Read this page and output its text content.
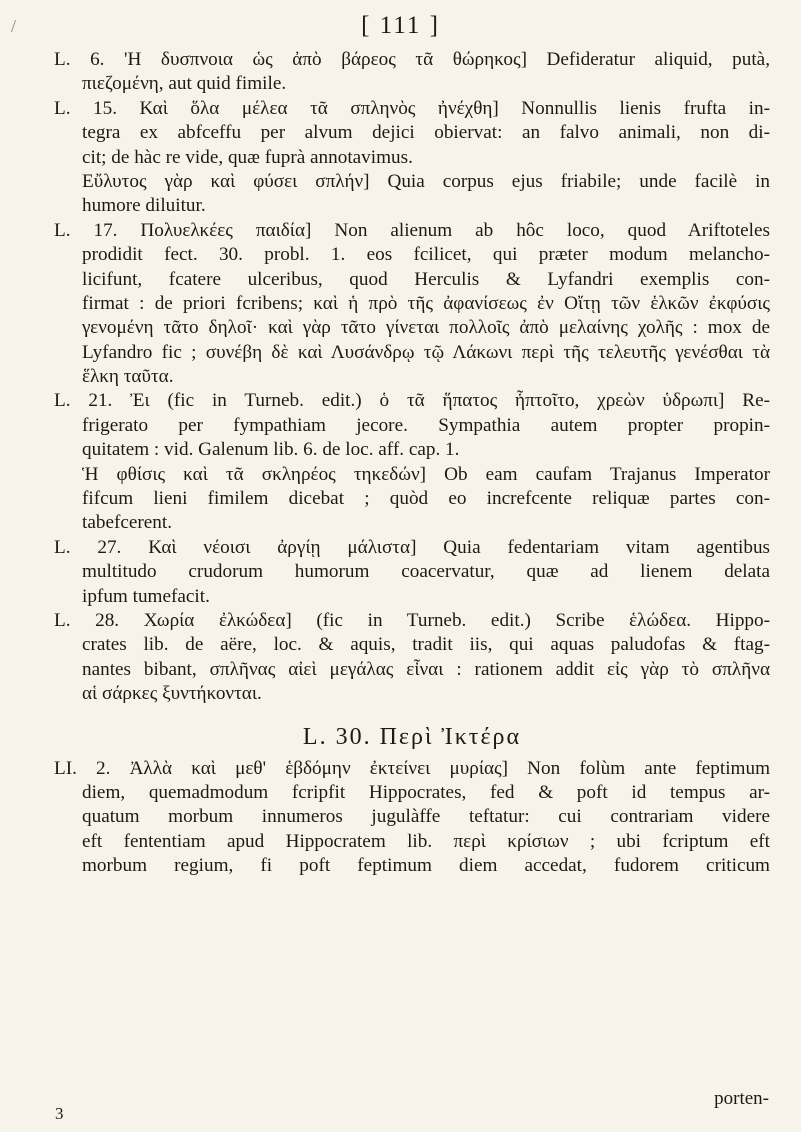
/	[ 111 ]
L. 6. 'H δυσπνοια ὡς ἀπὸ βάρεος τᾶ θώρηκος] Defideratur aliquid, putà,
πιεζομένη, aut quid fimile.
L. 15. Καὶ ὅλα μέλεα τᾶ σπληνὸς ἠνέχθη] Nonnullis lienis frufta in-
tegra ex abfceffu per alvum dejici obiervat: an falvo animali, non di-
cit; de hàc re vide, quæ fuprà annotavimus.
Εὔλυτος γὰρ καὶ φύσει σπλήν] Quia corpus ejus friabile; unde facilè in
humore diluitur.
L. 17. Πολυελκέες παιδία] Non alienum ab hôc loco, quod Ariftoteles
prodidit fect. 30. probl. 1. eos fcilicet, qui præter modum melancho-
licifunt, fcatere ulceribus, quod Herculis & Lyfandri exemplis con-
firmat : de priori fcribens; καὶ ἡ πρὸ τῆς ἀφανίσεως ἐν Οἴτῃ τῶν ἑλκῶν ἐκφύσις
γενομένη τᾶτο δηλοῖ· καὶ γὰρ τᾶτο γίνεται πολλοῖς ἀπὸ μελαίνης χολῆς : mox de
Lyfandro fic ; συνέβη δὲ καὶ Λυσάνδρῳ τῷ Λάκωνι περὶ τῆς τελευτῆς γενέσθαι τὰ
ἕλκη ταῦτα.
L. 21. Ἐι (fic in Turneb. edit.) ὁ τᾶ ἥπατος ἧπτοῖτο, χρεὼν ὑδρωπι] Re-
frigerato per fympathiam jecore. Sympathia autem propter propin-
quitatem : vid. Galenum lib. 6. de loc. aff. cap. 1.
Ἡ φθίσις καὶ τᾶ σκληρέος τηκεδών] Ob eam caufam Trajanus Imperator
fifcum lieni fimilem dicebat ; quòd eo increfcente reliquæ partes con-
tabefcerent.
L. 27. Καὶ νέοισι ἀργίῃ μάλιστα] Quia fedentariam vitam agentibus
multitudo crudorum humorum coacervatur, quæ ad lienem delata
ipfum tumefacit.
L. 28. Χωρία ἐλκώδεα] (fic in Turneb. edit.) Scribe ἑλώδεα. Hippo-
crates lib. de aëre, loc. & aquis, tradit iis, qui aquas paludofas & ftag-
nantes bibant, σπλῆνας αἰεὶ μεγάλας εἶναι : rationem addit εἰς γὰρ τὸ σπλῆνα
αἱ σάρκες ξυντήκονται.
L. 30. Περὶ Ἰκτέρα
LI. 2. Ἀλλὰ καὶ μεθ' ἑβδόμην ἐκτείνει μυρίας] Non folùm ante feptimum
diem, quemadmodum fcripfit Hippocrates, fed & poft id tempus ar-
quatum morbum innumeros jugulàffe teftatur: cui contrariam videre
eft fententiam apud Hippocratem lib. περὶ κρίσιων ; ubi fcriptum eft
morbum regium, fi poft feptimum diem accedat, fudorem criticum
porten-
3
